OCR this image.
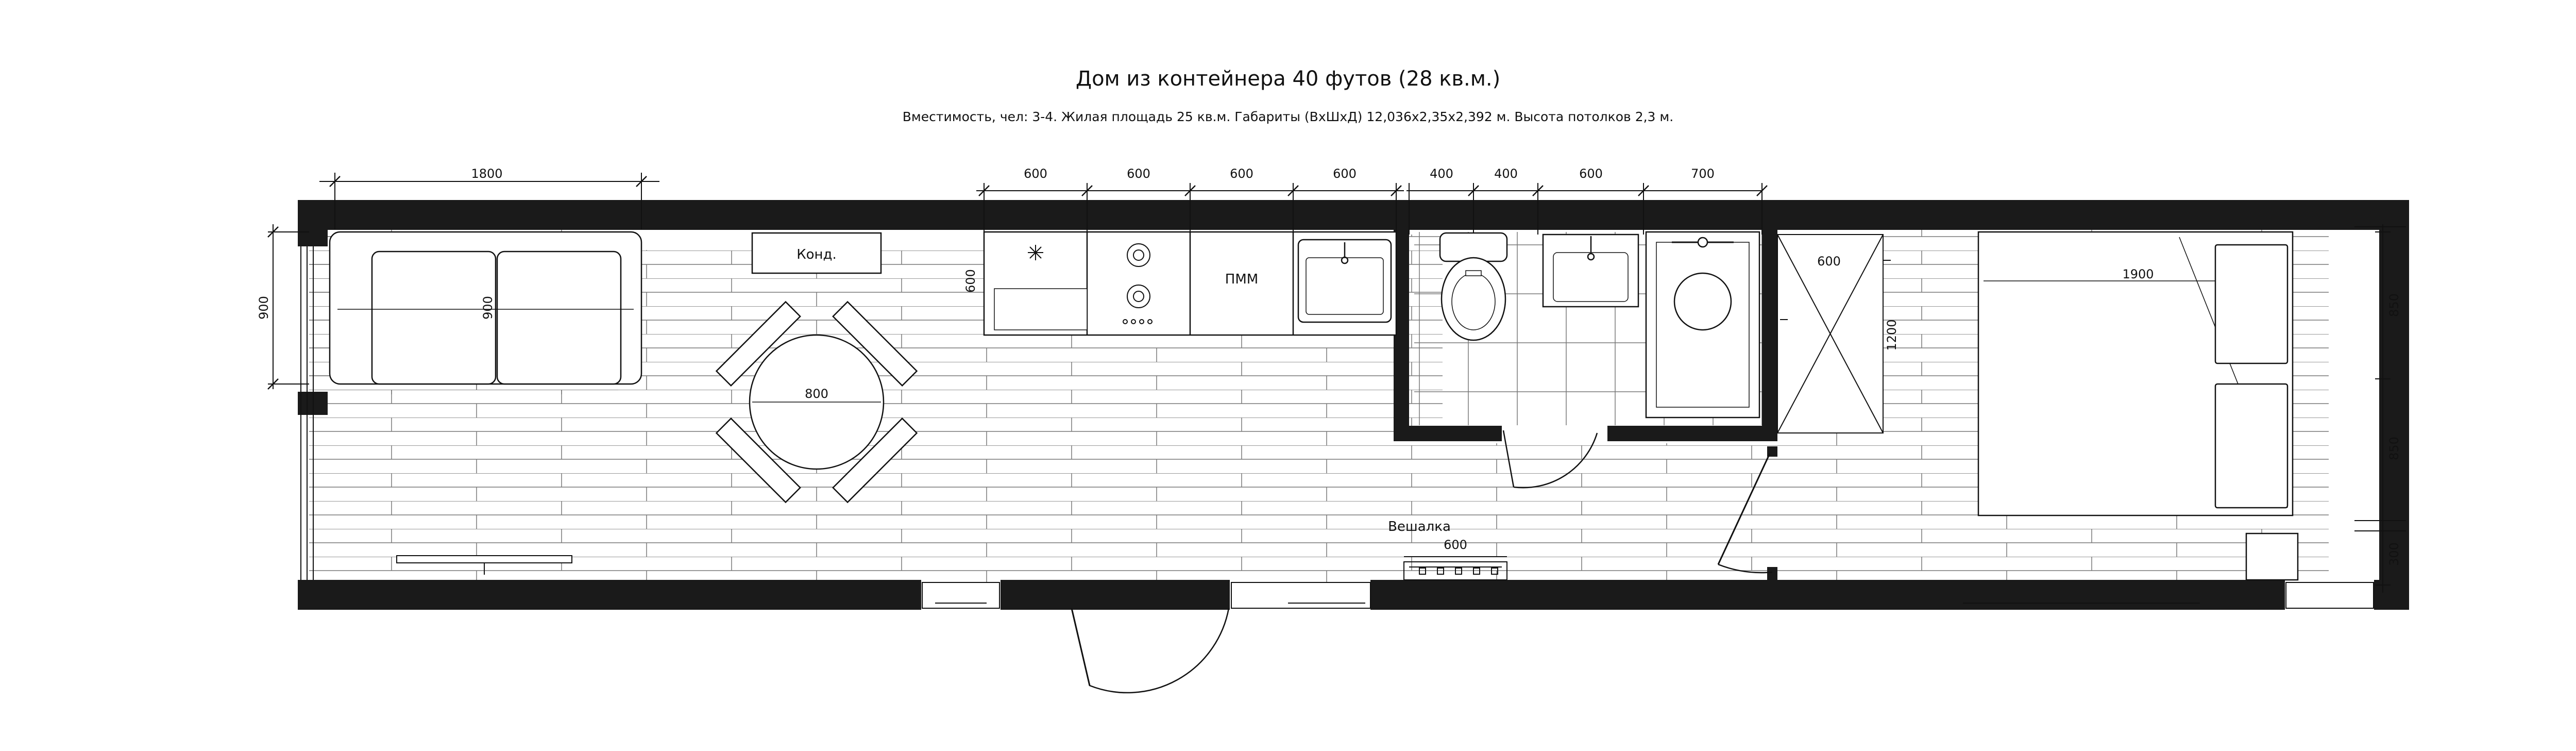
Дом из контейнера 40 футов (28 кв.м.)
Вместимость, чел: 3-4. Жилая площадь 25 кв.м. Габариты (ВхШхД) 12,036х2,35х2,392 м. Высота потолков 2,3 м.
Конд.
ПММ
Вешалка
1800	600	600	600	600	400	400	600	700
800
600
1900
600
900
900
600
1200
850
850
300
